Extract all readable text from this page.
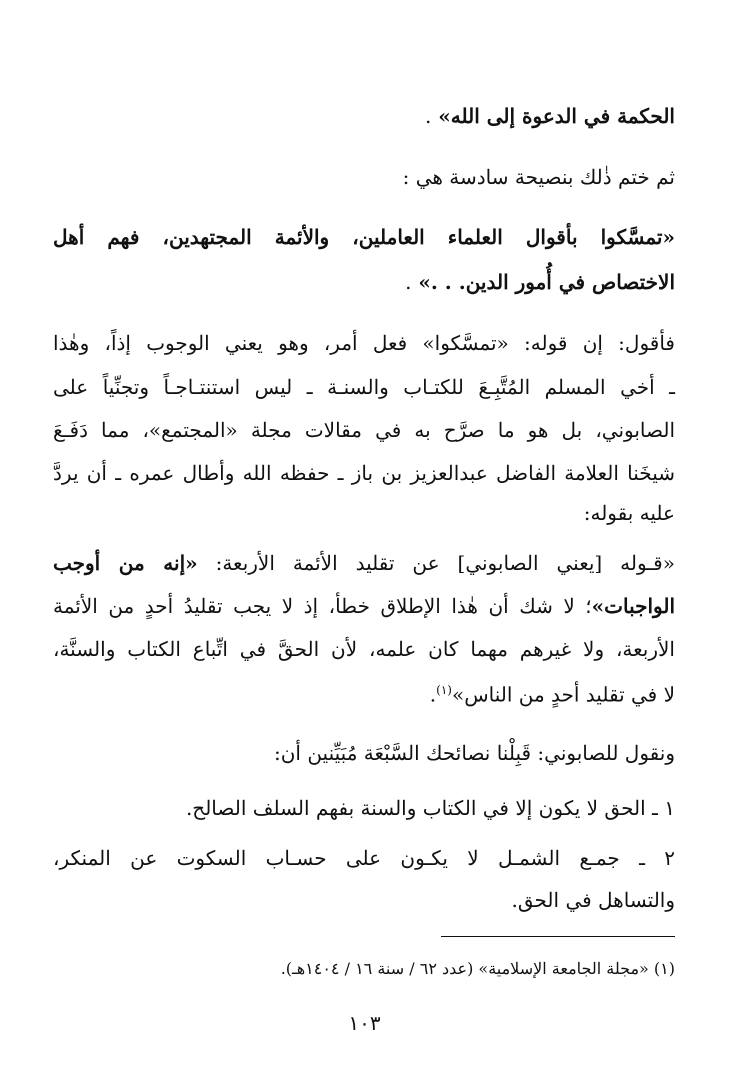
الحكمة في الدعوة إلى الله» .
ثم ختم ذٰلك بنصيحة سادسة هي :
«تمسَّكوا بأقوال العلماء العاملين، والأئمة المجتهدين، فهم أهل
الاختصاص في أُمور الدين. . .» .
فأقول: إن قوله: «تمسَّكوا» فعل أمر، وهو يعني الوجوب إذاً، وهٰذا
ـ أخي المسلم المُتَّبِـعَ للكتـاب والسنـة ـ ليس استنتـاجـاً وتجنِّياً على
الصابوني، بل هو ما صرَّح به في مقالات مجلة «المجتمع»، مما دَفَـعَ
شيخَنا العلامة الفاضل عبدالعزيز بن باز ـ حفظه الله وأطال عمره ـ أن يردَّ
عليه بقوله:
«قـوله [يعني الصابوني] عن تقليد الأئمة الأربعة: «إنه من أوجب
الواجبات»؛ لا شك أن هٰذا الإطلاق خطأ، إذ لا يجب تقليدُ أحدٍ من الأئمة
الأربعة، ولا غيرهم مهما كان علمه، لأن الحقَّ في اتِّباع الكتاب والسنَّة،
لا في تقليد أحدٍ من الناس»$^{(١)}$.
ونقول للصابوني: قَبِلْنا نصائحك السَّبْعَة مُبَيِّنين أن:
١ ـ الحق لا يكون إلا في الكتاب والسنة بفهم السلف الصالح.
٢ ـ جمـع الشمـل لا يكـون على حسـاب السكوت عن المنكر،
والتساهل في الحق.
(١) «مجلة الجامعة الإسلامية» (عدد ٦٢ / سنة ١٦ / ١٤٠٤هـ).
١٠٣
